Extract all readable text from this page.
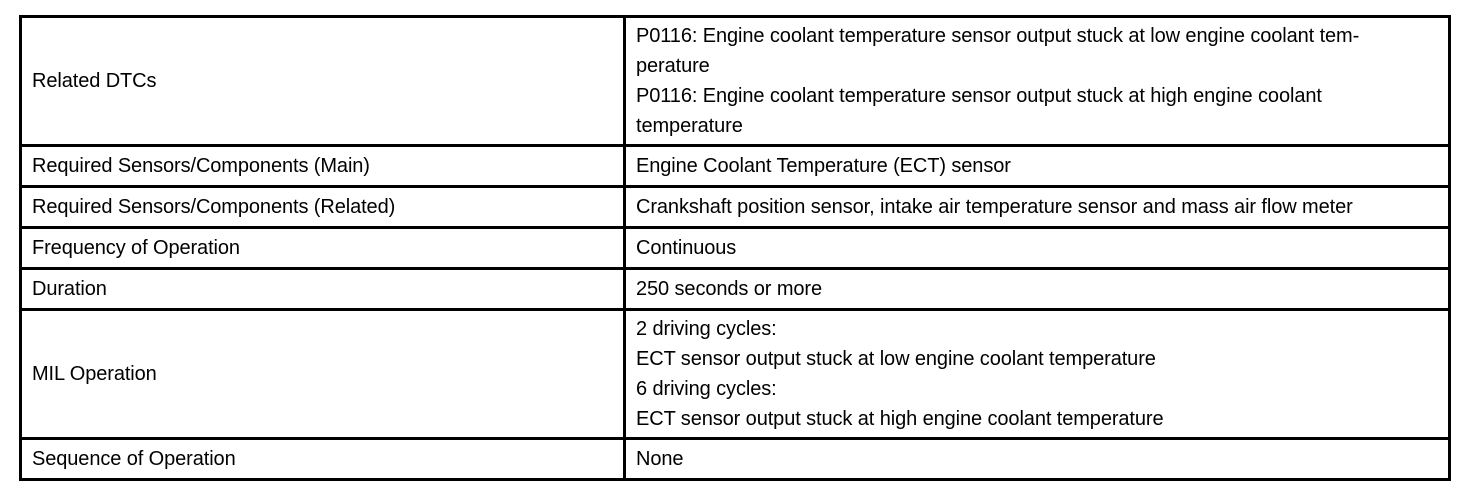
Related DTCs	P0116: Engine coolant temperature sensor output stuck at low engine coolant tem-
perature
P0116: Engine coolant temperature sensor output stuck at high engine coolant
temperature

Required Sensors/Components (Main)	Engine Coolant Temperature (ECT) sensor

Required Sensors/Components (Related)	Crankshaft position sensor, intake air temperature sensor and mass air flow meter

Frequency of Operation	Continuous

Duration	250 seconds or more

MIL Operation	2 driving cycles:
ECT sensor output stuck at low engine coolant temperature
6 driving cycles:
ECT sensor output stuck at high engine coolant temperature

Sequence of Operation	None
